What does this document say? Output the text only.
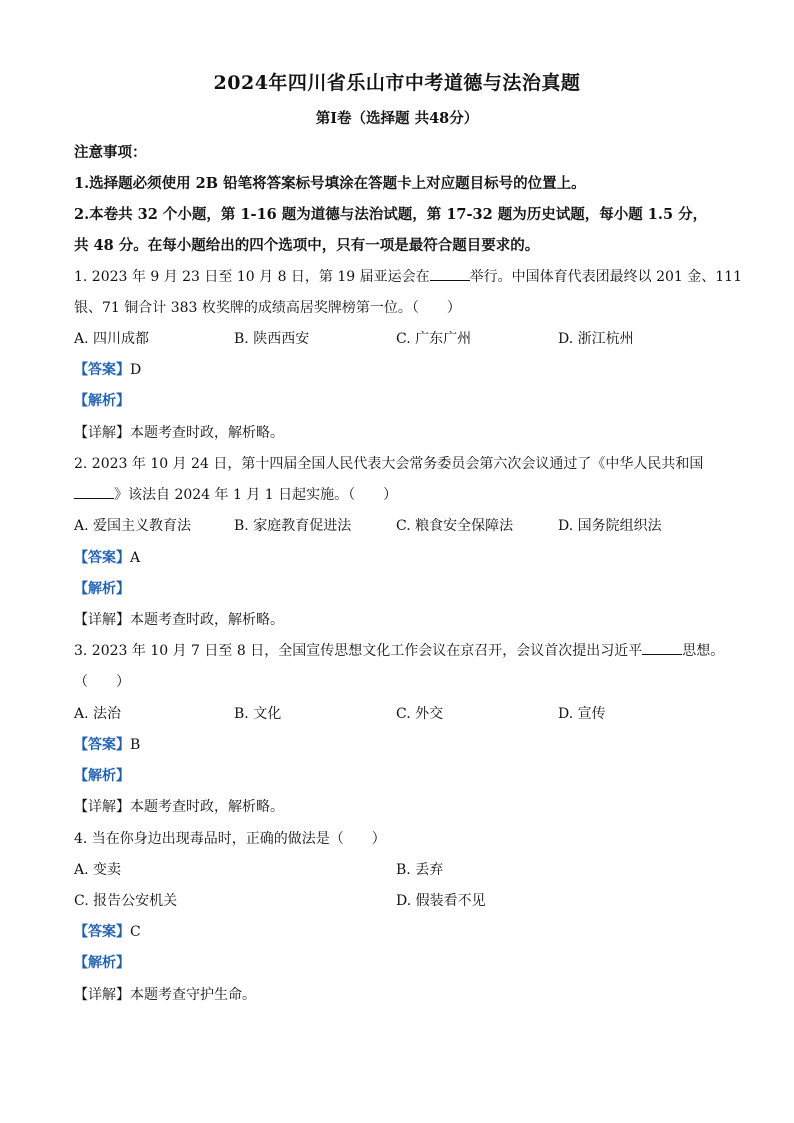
2024年四川省乐山市中考道德与法治真题
第Ⅰ卷（选择题 共48分）
注意事项：
1.选择题必须使用 2B 铅笔将答案标号填涂在答题卡上对应题目标号的位置上。
2.本卷共 32 个小题，第 1-16 题为道德与法治试题，第 17-32 题为历史试题，每小题 1.5 分，
共 48 分。在每小题给出的四个选项中，只有一项是最符合题目要求的。
1. 2023 年 9 月 23 日至 10 月 8 日，第 19 届亚运会在	举行。中国体育代表团最终以 201 金、111
银、71 铜合计 383 枚奖牌的成绩高居奖牌榜第一位。（　　）
A. 四川成都	B. 陕西西安	C. 广东广州	D. 浙江杭州
【答案】D
【解析】
【详解】本题考查时政，解析略。
2. 2023 年 10 月 24 日，第十四届全国人民代表大会常务委员会第六次会议通过了《中华人民共和国
》该法自 2024 年 1 月 1 日起实施。（　　）
A. 爱国主义教育法	B. 家庭教育促进法	C. 粮食安全保障法	D. 国务院组织法
【答案】A
【解析】
【详解】本题考查时政，解析略。
3. 2023 年 10 月 7 日至 8 日，全国宣传思想文化工作会议在京召开，会议首次提出习近平	思想。
（　　）
A. 法治	B. 文化	C. 外交	D. 宣传
【答案】B
【解析】
【详解】本题考查时政，解析略。
4. 当在你身边出现毒品时，正确的做法是（　　）
A. 变卖	B. 丢弃
C. 报告公安机关	D. 假装看不见
【答案】C
【解析】
【详解】本题考查守护生命。
